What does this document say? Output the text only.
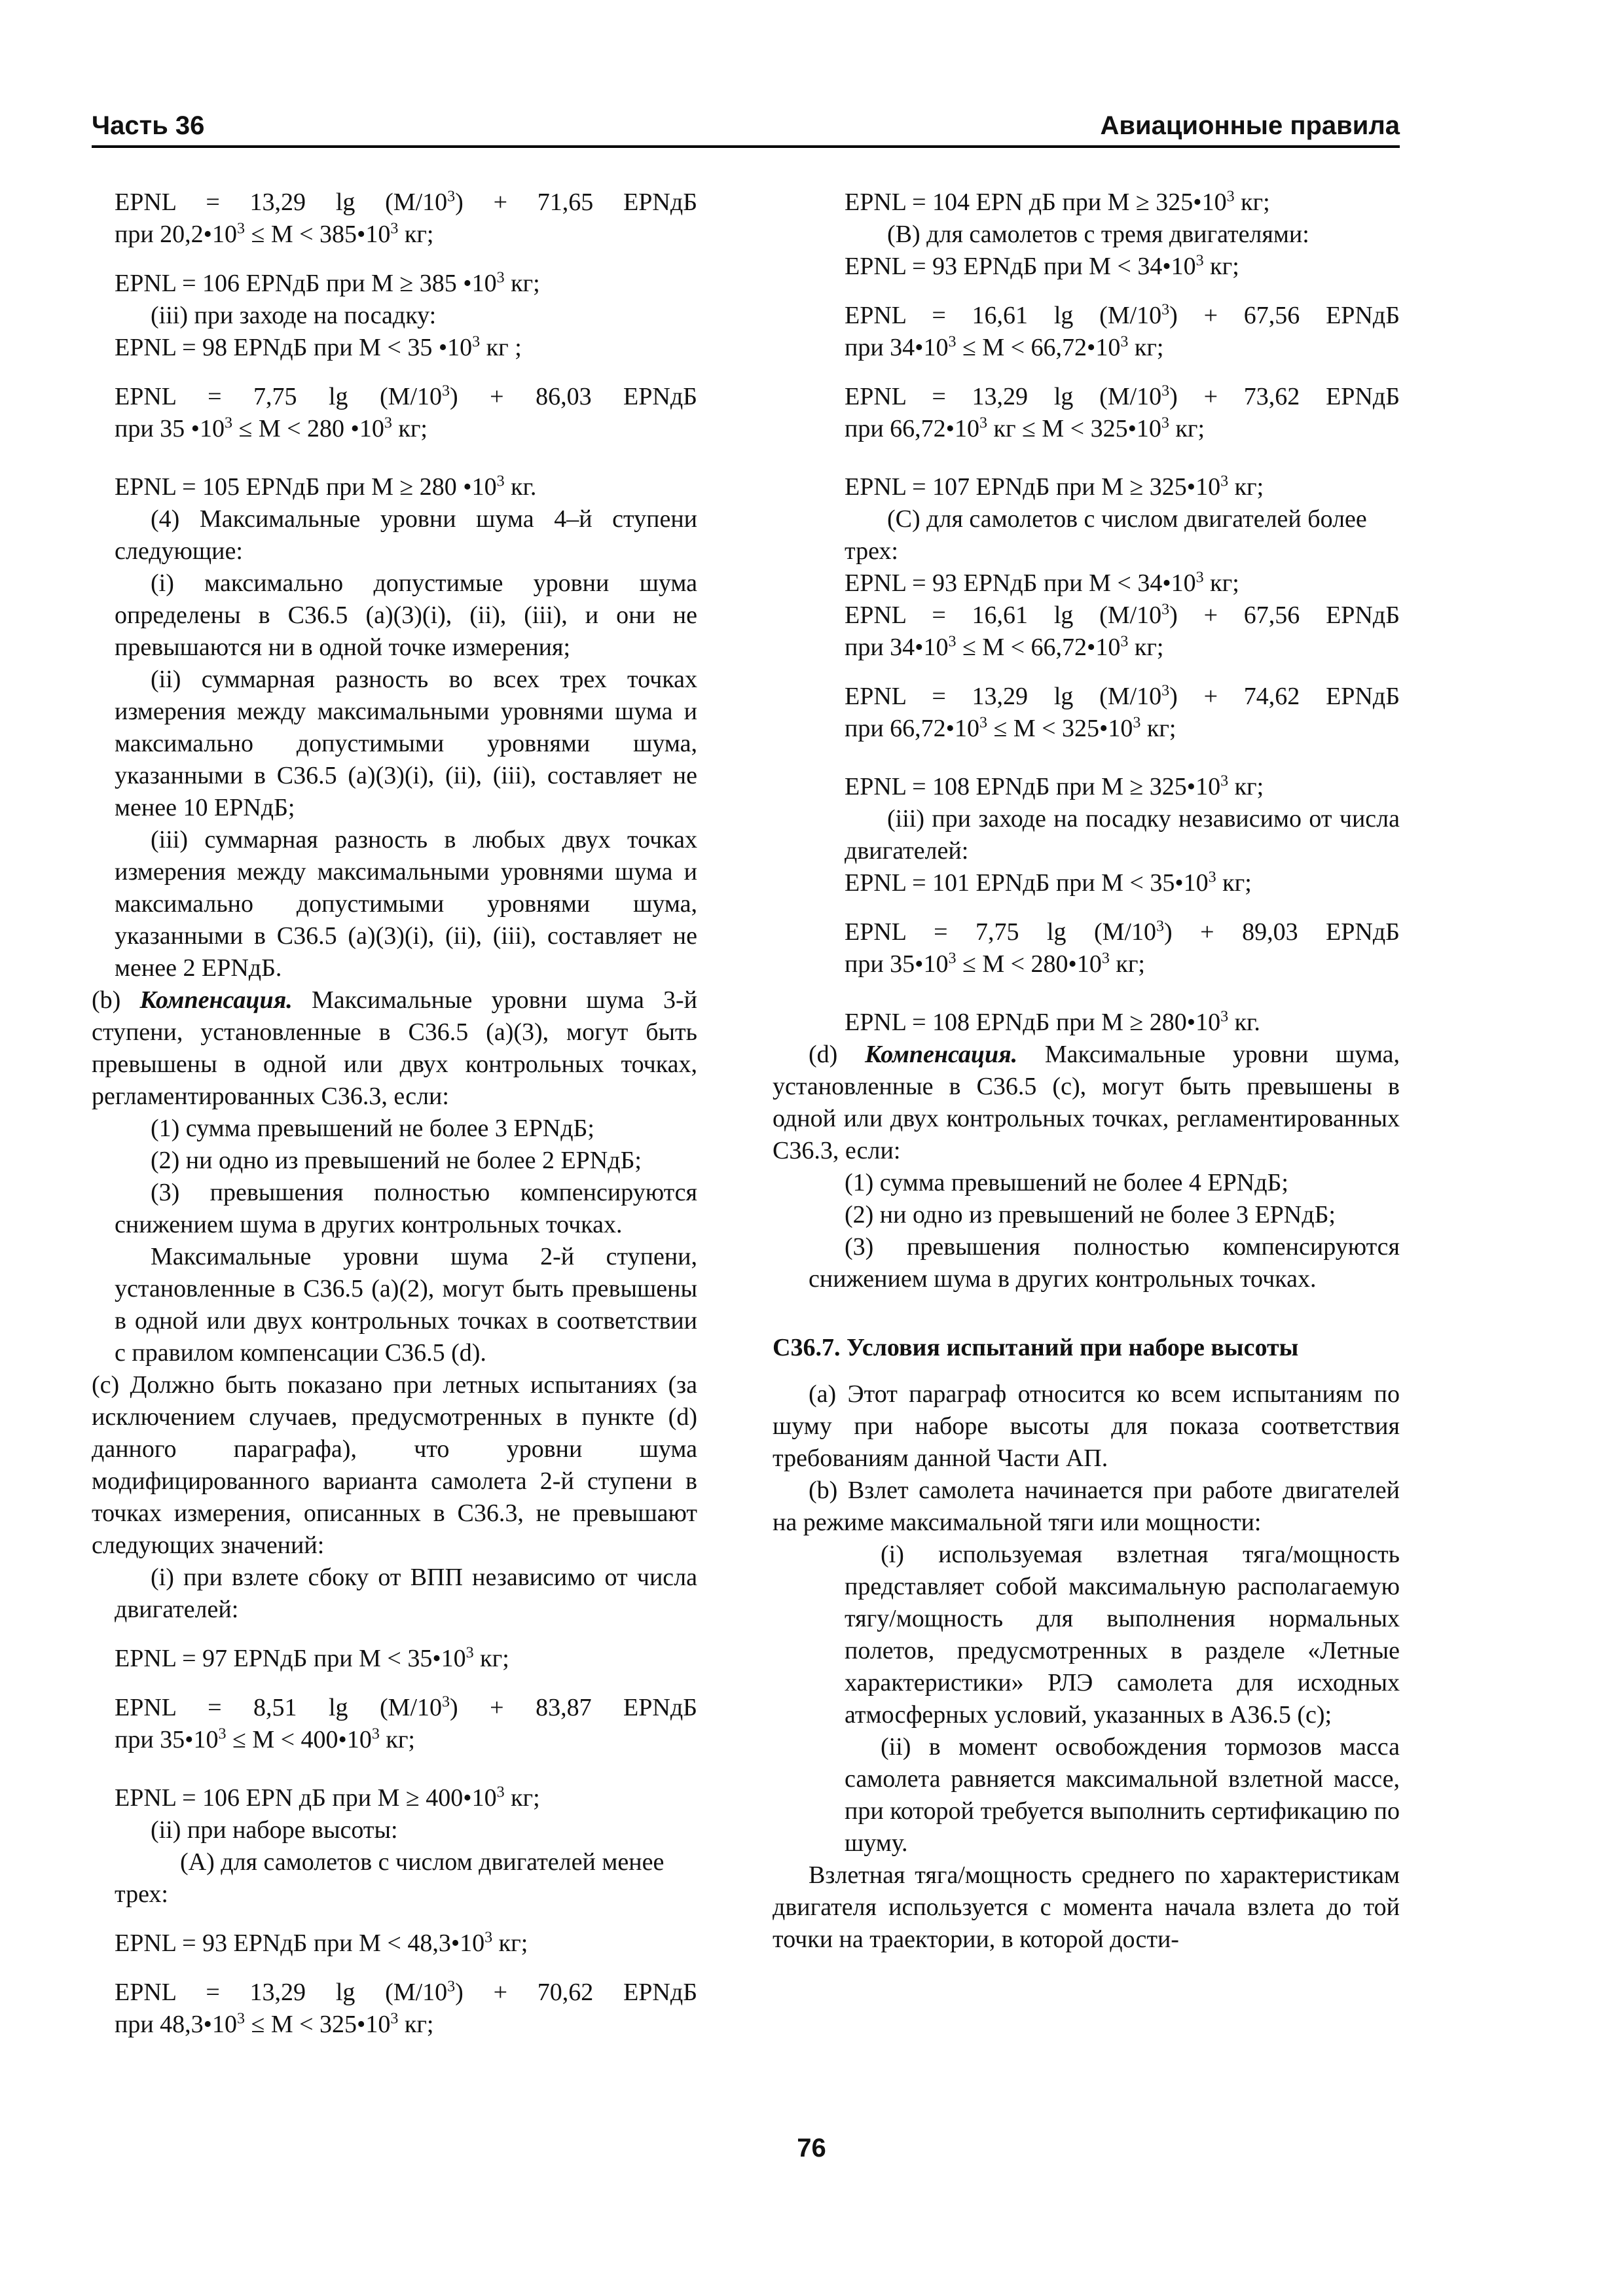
Часть 36	Авиационные правила

EPNL = 13,29 $\lg (M/10^3) + 71,65$ EPNдБ
при $20,2•10^3 \le M$ < $385•10^3$ кг;

EPNL = 106 EPNдБ при M ≥ 385 $•10^3$ кг;

(iii) при заходе на посадку:

EPNL = 98 EPNдБ при M < 35 $•10^3$ кг ;

EPNL = 7,75 $\lg (M/10^3) + 86,03$ EPNдБ
при 35 $•10^3 \le M < 280$ $•10^3$ кг;

EPNL = 105 EPNдБ при M ≥ 280 $•10^3$ кг.

(4) Максимальные уровни шума 4–й ступени следующие:

(i) максимально допустимые уровни шума определены в C36.5 (a)(3)(i), (ii), (iii), и они не превышаются ни в одной точке измерения;

(ii) суммарная разность во всех трех точках измерения между максимальными уровнями шума и максимально допустимыми уровнями шума, указанными в C36.5 (a)(3)(i), (ii), (iii), составляет не менее 10 EPNдБ;

(iii) суммарная разность в любых двух точках измерения между максимальными уровнями шума и максимально допустимыми уровнями шума, указанными в C36.5 (a)(3)(i), (ii), (iii), составляет не менее 2 EPNдБ.

(b) Компенсация. Максимальные уровни шума 3-й ступени, установленные в C36.5 (a)(3), могут быть превышены в одной или двух контрольных точках, регламентированных C36.3, если:

(1) сумма превышений не более 3 EPNдБ;

(2) ни одно из превышений не более 2 EPNдБ;

(3) превышения полностью компенсируются снижением шума в других контрольных точках.

Максимальные уровни шума 2-й ступени, установленные в C36.5 (a)(2), могут быть превышены в одной или двух контрольных точках в соответствии с правилом компенсации C36.5 (d).

(c) Должно быть показано при летных испытаниях (за исключением случаев, предусмотренных в пункте (d) данного параграфа), что уровни шума модифицированного варианта самолета 2-й ступени в точках измерения, описанных в C36.3, не превышают следующих значений:

(i) при взлете сбоку от ВПП независимо от числа двигателей:

EPNL = 97 EPNдБ при $M < 35•10^3$ кг;

EPNL = 8,51 $\lg (M/10^3) + 83,87$ EPNдБ
при $35•10^3 \le M$ < $400•10^3$ кг;

EPNL = 106 EPN дБ при $M \ge 400•10^3$ кг;

(ii) при наборе высоты:

(A) для самолетов с числом двигателей менее трех:

EPNL = 93 EPNдБ при $M < 48,3•10^3$ кг;

EPNL = 13,29 $\lg (M/10^3) + 70,62$ EPNдБ
при $48,3•10^3 \le M$ < $325•10^3$ кг;

EPNL = 104 EPN дБ при $M \ge 325•10^3$ кг;

(B) для самолетов с тремя двигателями:

EPNL = 93 EPNдБ при $M < 34•10^3$ кг;

EPNL = 16,61 $\lg (M/10^3) + 67,56$ EPNдБ
при $34•10^3 \le M$ < $66,72•10^3$ кг;

EPNL = 13,29 $\lg (M/10^3) + 73,62$ EPNдБ
при $66,72•10^3$ кг ≤ $M < 325•10^3$ кг;

EPNL = 107 EPNдБ при $M \ge 325•10^3$ кг;

(C) для самолетов с числом двигателей более трех:

EPNL = 93 EPNдБ при $M < 34•10^3$ кг;

EPNL = 16,61 $\lg (M/10^3) + 67,56$ EPNдБ
при $34•10^3 \le M$ < $66,72•10^3$ кг;

EPNL = 13,29 $\lg (M/10^3) + 74,62$ EPNдБ
при $66,72•10^3 \le M$ < $325•10^3$ кг;

EPNL = 108 EPNдБ при $M \ge 325•10^3$ кг;

(iii) при заходе на посадку независимо от числа двигателей:

EPNL = 101 EPNдБ при $M < 35•10^3$ кг;

EPNL = 7,75 $\lg (M/10^3) + 89,03$ EPNдБ
при $35•10^3 \le M$ < $280•10^3$ кг;

EPNL = 108 EPNдБ при $M \ge 280•10^3$ кг.

(d) Компенсация. Максимальные уровни шума, установленные в C36.5 (c), могут быть превышены в одной или двух контрольных точках, регламентированных C36.3, если:

(1) сумма превышений не более 4 EPNдБ;

(2) ни одно из превышений не более 3 EPNдБ;

(3) превышения полностью компенсируются снижением шума в других контрольных точках.

C36.7. Условия испытаний при наборе высоты

(a) Этот параграф относится ко всем испытаниям по шуму при наборе высоты для показа соответствия требованиям данной Части АП.

(b) Взлет самолета начинается при работе двигателей на режиме максимальной тяги или мощности:

(i) используемая взлетная тяга/мощность представляет собой максимальную располагаемую тягу/мощность для выполнения нормальных полетов, предусмотренных в разделе «Летные характеристики» РЛЭ самолета для исходных атмосферных условий, указанных в A36.5 (c);

(ii) в момент освобождения тормозов масса самолета равняется максимальной взлетной массе, при которой требуется выполнить сертификацию по шуму.

Взлетная тяга/мощность среднего по характеристикам двигателя используется с момента начала взлета до той точки на траектории, в которой дости-

76
